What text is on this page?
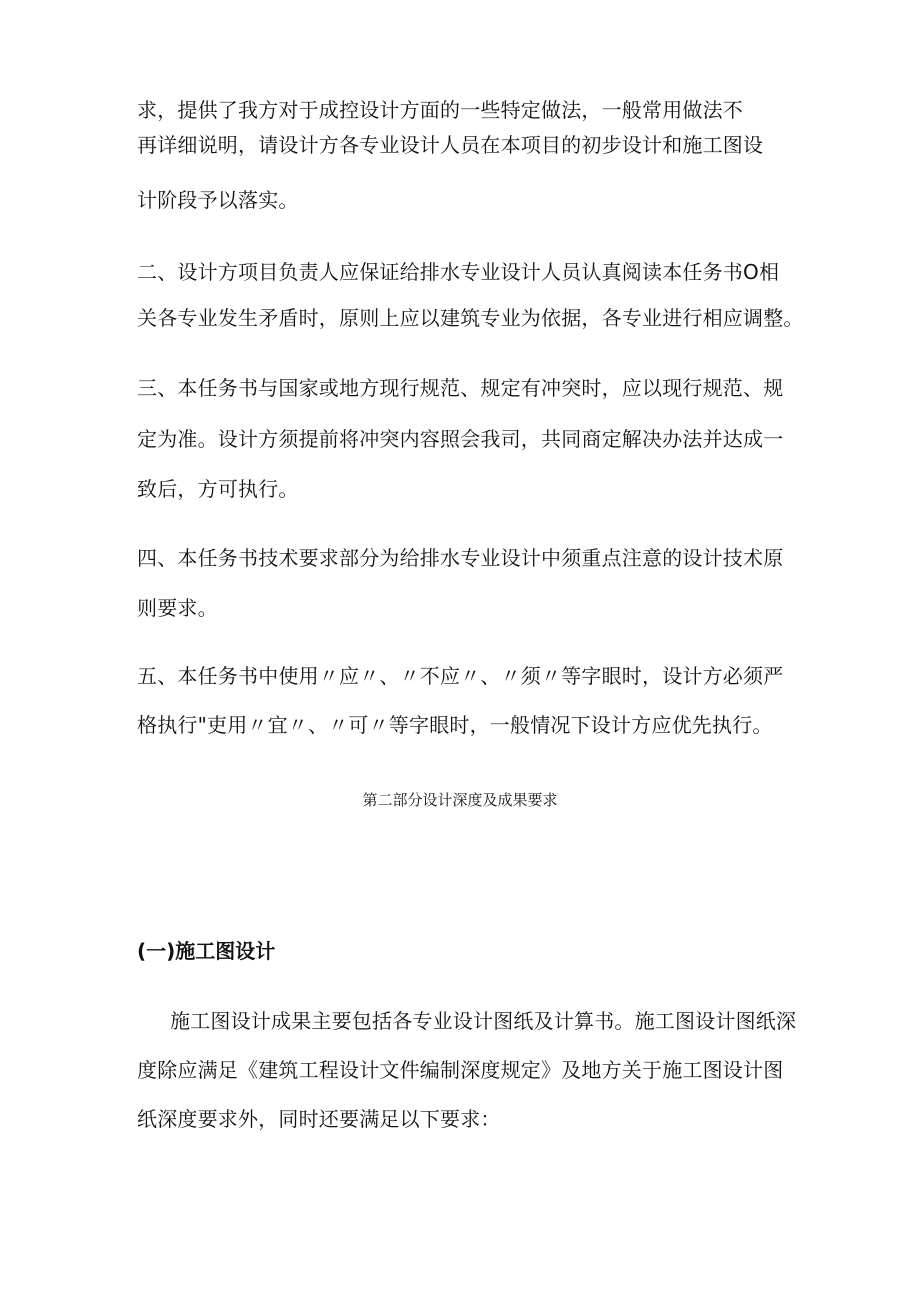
求，提供了我方对于成控设计方面的一些特定做法，一般常用做法不
再详细说明，请设计方各专业设计人员在本项目的初步设计和施工图设
计阶段予以落实。
二、设计方项目负责人应保证给排水专业设计人员认真阅读本任务书O相
关各专业发生矛盾时，原则上应以建筑专业为依据，各专业进行相应调整。
三、本任务书与国家或地方现行规范、规定有冲突时，应以现行规范、规
定为准。设计方须提前将冲突内容照会我司，共同商定解决办法并达成一
致后，方可执行。
四、本任务书技术要求部分为给排水专业设计中须重点注意的设计技术原
则要求。
五、本任务书中使用〃应〃、〃不应〃、〃须〃等字眼时，设计方必须严
格执行"吏用〃宜〃、〃可〃等字眼时，一般情况下设计方应优先执行。
第二部分设计深度及成果要求
(一)施工图设计
施工图设计成果主要包括各专业设计图纸及计算书。施工图设计图纸深
度除应满足《建筑工程设计文件编制深度规定》及地方关于施工图设计图
纸深度要求外，同时还要满足以下要求：
